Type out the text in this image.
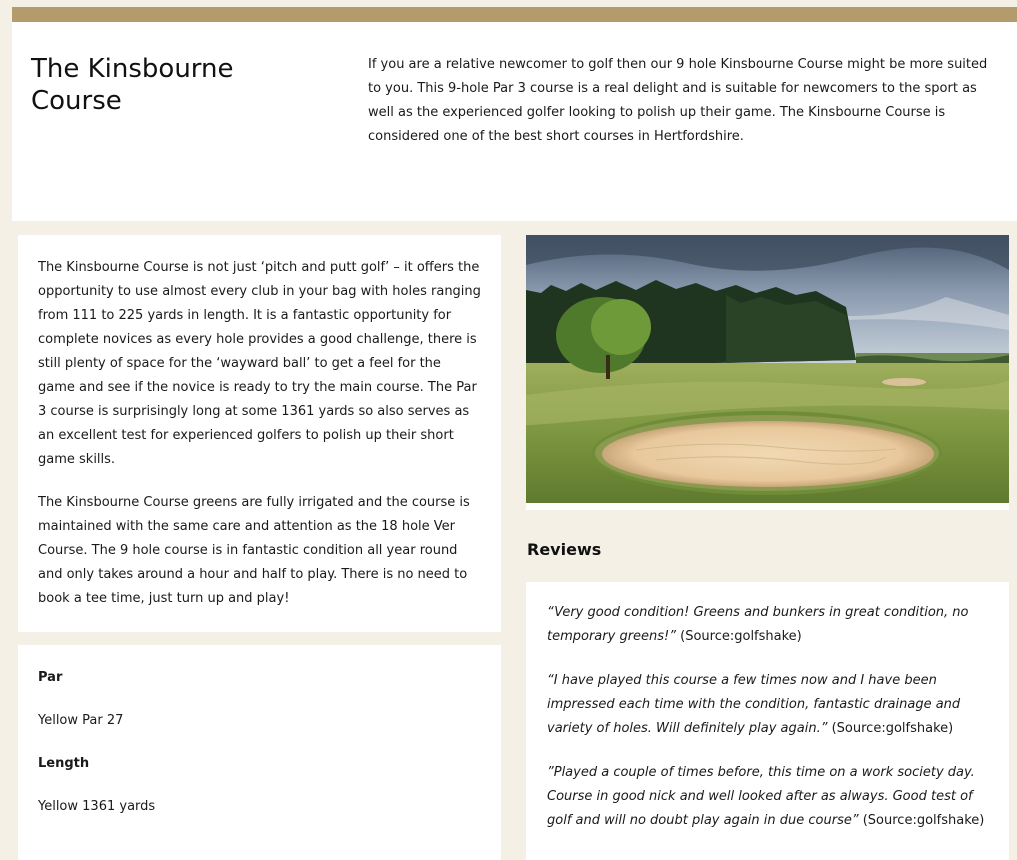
The Kinsbourne Course

If you are a relative newcomer to golf then our 9 hole Kinsbourne Course might be more suited to you. This 9-hole Par 3 course is a real delight and is suitable for newcomers to the sport as well as the experienced golfer looking to polish up their game. The Kinsbourne Course is considered one of the best short courses in Hertfordshire.

The Kinsbourne Course is not just ‘pitch and putt golf’ – it offers the opportunity to use almost every club in your bag with holes ranging from 111 to 225 yards in length. It is a fantastic opportunity for complete novices as every hole provides a good challenge, there is still plenty of space for the ‘wayward ball’ to get a feel for the game and see if the novice is ready to try the main course. The Par 3 course is surprisingly long at some 1361 yards so also serves as an excellent test for experienced golfers to polish up their short game skills.

The Kinsbourne Course greens are fully irrigated and the course is maintained with the same care and attention as the 18 hole Ver Course. The 9 hole course is in fantastic condition all year round and only takes around a hour and half to play. There is no need to book a tee time, just turn up and play!

Par
Yellow Par 27
Length
Yellow 1361 yards
Reviews

“Very good condition! Greens and bunkers in great condition, no temporary greens!” (Source:golfshake)

“I have played this course a few times now and I have been impressed each time with the condition, fantastic drainage and variety of holes. Will definitely play again.” (Source:golfshake)

”Played a couple of times before, this time on a work society day. Course in good nick and well looked after as always. Good test of golf and will no doubt play again in due course” (Source:golfshake)
